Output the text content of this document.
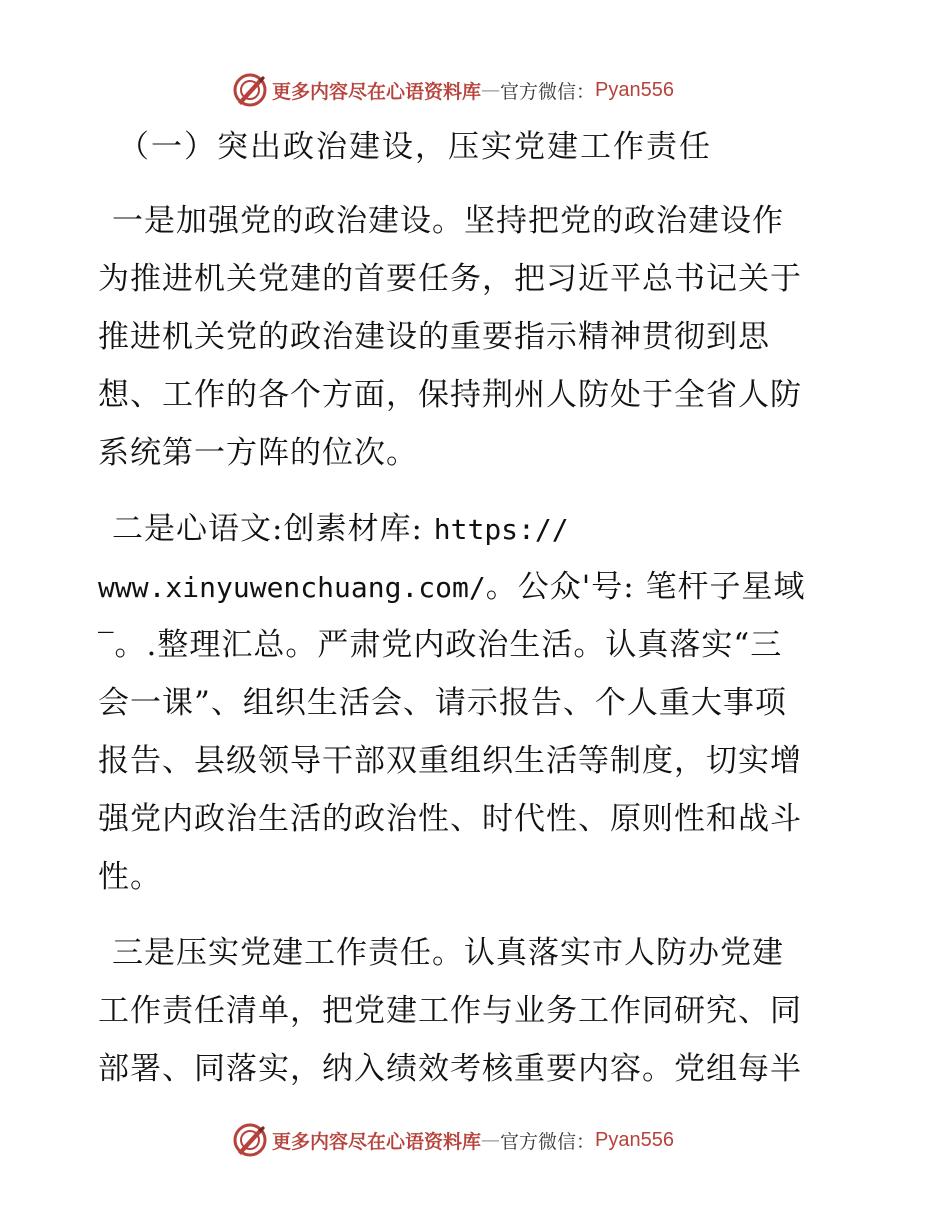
更多内容尽在心语资料库 — 官方微信： Pyan556
（一）突出政治建设，压实党建工作责任
一是加强党的政治建设。坚持把党的政治建设作
为推进机关党建的首要任务，把习近平总书记关于
推进机关党的政治建设的重要指示精神贯彻到思
想、工作的各个方面，保持荆州人防处于全省人防
系统第一方阵的位次。
二是心语文:创素材库: https://
www.xinyuwenchuang.com/。公众'号: 笔杆子星域
‾。.整理汇总。严肃党内政治生活。认真落实“三
会一课”、组织生活会、请示报告、个人重大事项
报告、县级领导干部双重组织生活等制度，切实增
强党内政治生活的政治性、时代性、原则性和战斗
性。
三是压实党建工作责任。认真落实市人防办党建
工作责任清单，把党建工作与业务工作同研究、同
部署、同落实，纳入绩效考核重要内容。党组每半
更多内容尽在心语资料库 — 官方微信： Pyan556
